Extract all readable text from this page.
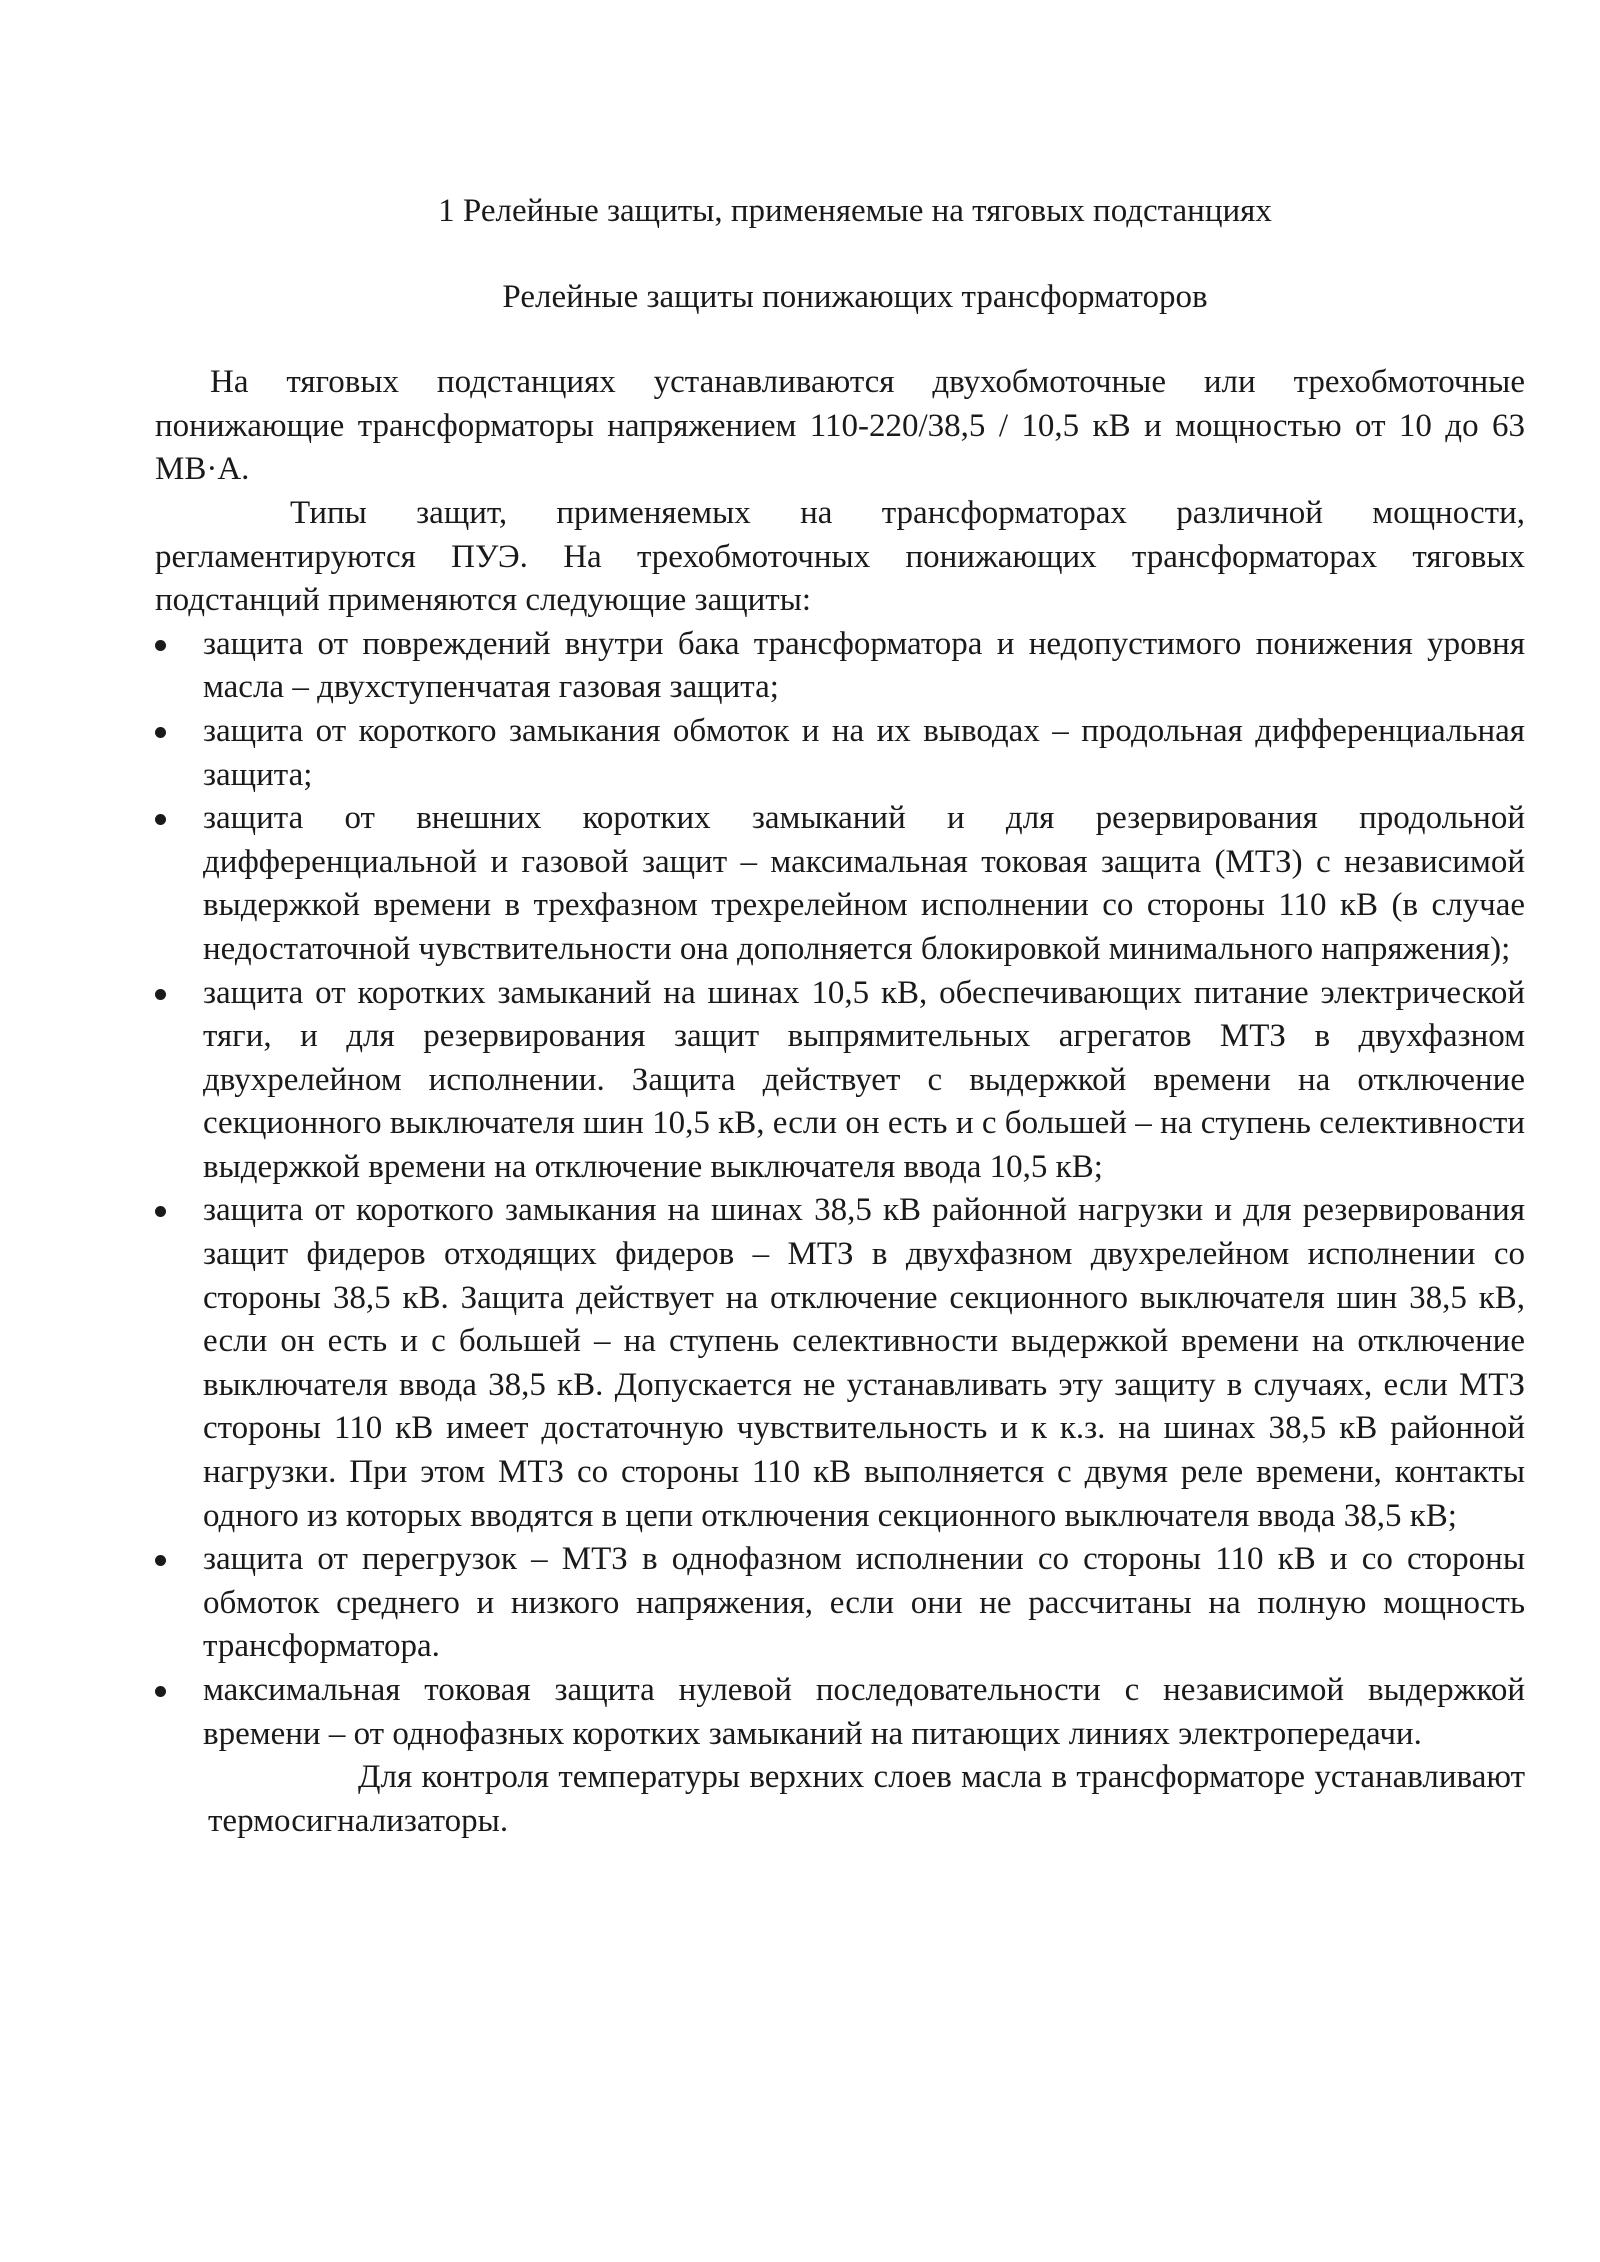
1 Релейные защиты, применяемые на тяговых подстанциях
Релейные защиты понижающих трансформаторов

На тяговых подстанциях устанавливаются двухобмоточные или трехобмоточные понижающие трансформаторы напряжением 110-220/38,5 / 10,5 кВ и мощностью от 10 до 63 МВ·А.

Типы защит, применяемых на трансформаторах различной мощности, регламентируются ПУЭ. На трехобмоточных понижающих трансформаторах тяговых подстанций применяются следующие защиты:

защита от повреждений внутри бака трансформатора и недопустимого понижения уровня масла – двухступенчатая газовая защита;
защита от короткого замыкания обмоток и на их выводах – продольная дифференциальная защита;
защита от внешних коротких замыканий и для резервирования продольной дифференциальной и газовой защит – максимальная токовая защита (МТЗ) с независимой выдержкой времени в трехфазном трехрелейном исполнении со стороны 110 кВ (в случае недостаточной чувствительности она дополняется блокировкой минимального напряжения);
защита от коротких замыканий на шинах 10,5 кВ, обеспечивающих питание электрической тяги, и для резервирования защит выпрямительных агрегатов МТЗ в двухфазном двухрелейном исполнении. Защита действует с выдержкой времени на отключение секционного выключателя шин 10,5 кВ, если он есть и с большей – на ступень селективности выдержкой времени на отключение выключателя ввода 10,5 кВ;
защита от короткого замыкания на шинах 38,5 кВ районной нагрузки и для резервирования защит фидеров отходящих фидеров – МТЗ в двухфазном двухрелейном исполнении со стороны 38,5 кВ. Защита действует на отключение секционного выключателя шин 38,5 кВ, если он есть и с большей – на ступень селективности выдержкой времени на отключение выключателя ввода 38,5 кВ. Допускается не устанавливать эту защиту в случаях, если МТЗ стороны 110 кВ имеет достаточную чувствительность и к к.з. на шинах 38,5 кВ районной нагрузки. При этом МТЗ со стороны 110 кВ выполняется с двумя реле времени, контакты одного из которых вводятся в цепи отключения секционного выключателя ввода 38,5 кВ;
защита от перегрузок – МТЗ в однофазном исполнении со стороны 110 кВ и со стороны обмоток среднего и низкого напряжения, если они не рассчитаны на полную мощность трансформатора.
максимальная токовая защита нулевой последовательности с независимой выдержкой времени – от однофазных коротких замыканий на питающих линиях электропередачи.

Для контроля температуры верхних слоев масла в трансформаторе устанавливают термосигнализаторы.
